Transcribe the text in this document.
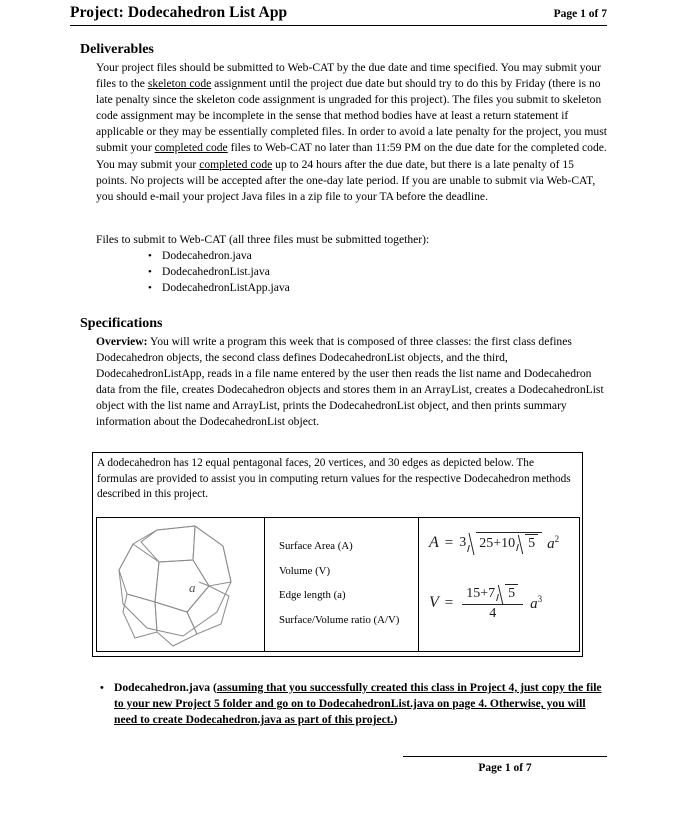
Project: Dodecahedron List App	Page 1 of 7
Deliverables

Your project files should be submitted to Web-CAT by the due date and time specified. You may submit your files to the skeleton code assignment until the project due date but should try to do this by Friday (there is no late penalty since the skeleton code assignment is ungraded for this project). The files you submit to skeleton code assignment may be incomplete in the sense that method bodies have at least a return statement if applicable or they may be essentially completed files. In order to avoid a late penalty for the project, you must submit your completed code files to Web-CAT no later than 11:59 PM on the due date for the completed code. You may submit your completed code up to 24 hours after the due date, but there is a late penalty of 15 points. No projects will be accepted after the one-day late period. If you are unable to submit via Web-CAT, you should e-mail your project Java files in a zip file to your TA before the deadline.

Files to submit to Web-CAT (all three files must be submitted together):
• Dodecahedron.java
• DodecahedronList.java
• DodecahedronListApp.java
Specifications

Overview: You will write a program this week that is composed of three classes: the first class defines Dodecahedron objects, the second class defines DodecahedronList objects, and the third, DodecahedronListApp, reads in a file name entered by the user then reads the list name and Dodecahedron data from the file, creates Dodecahedron objects and stores them in an ArrayList, creates a DodecahedronList object with the list name and ArrayList, prints the DodecahedronList object, and then prints summary information about the DodecahedronList object.

A dodecahedron has 12 equal pentagonal faces, 20 vertices, and 30 edges as depicted below. The formulas are provided to assist you in computing return values for the respective Dodecahedron methods described in this project.
a
Surface Area (A)
Volume (V)
Edge length (a)
Surface/Volume ratio (A/V)
A = 3 25+10 5 $a^2$
$V = \frac{15+7 5}{4} a^3$
• Dodecahedron.java (assuming that you successfully created this class in Project 4, just copy the file to your new Project 5 folder and go on to DodecahedronList.java on page 4. Otherwise, you will need to create Dodecahedron.java as part of this project.)
Page 1 of 7
